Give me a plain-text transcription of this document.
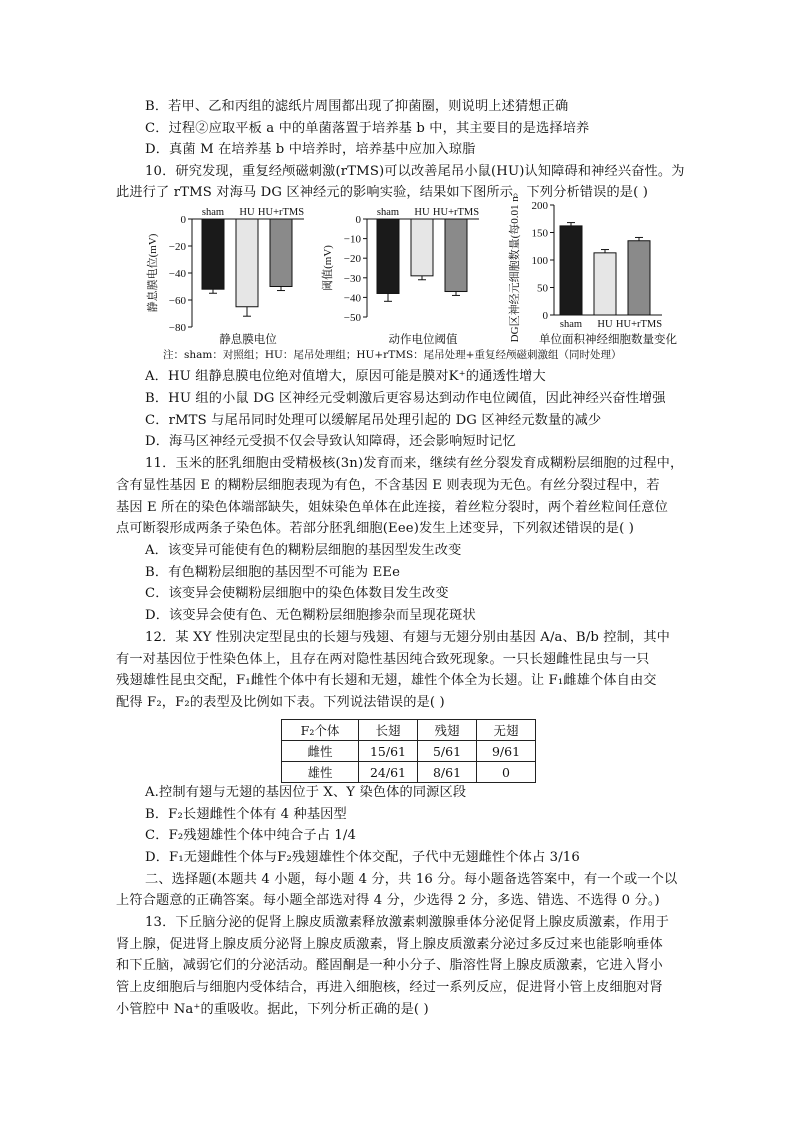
B．若甲、乙和丙组的滤纸片周围都出现了抑菌圈，则说明上述猜想正确
C．过程②应取平板 a 中的单菌落置于培养基 b 中，其主要目的是选择培养
D．真菌 M 在培养基 b 中培养时，培养基中应加入琼脂
10．研究发现，重复经颅磁刺激(rTMS)可以改善尾吊小鼠(HU)认知障碍和神经兴奋性。为
此进行了 rTMS 对海马 DG 区神经元的影响实验，结果如下图所示。下列分析错误的是( )
0
−20
−40
−60
−80
静息膜电位(mV)
sham HU HU+rTMS
静息膜电位
0
−10
−20
−30
−40
−50
阈值(mV)
sham HU HU+rTMS
动作电位阈值
0
50
100
150
200
DG区神经元细胞数量(每0.01 mm²)	sham HU HU+rTMS
单位面积神经细胞数量变化
注：sham：对照组；HU：尾吊处理组；HU+rTMS：尾吊处理+重复经颅磁刺激组（同时处理）
A．HU 组静息膜电位绝对值增大，原因可能是膜对K⁺的通透性增大
B．HU 组的小鼠 DG 区神经元受刺激后更容易达到动作电位阈值，因此神经兴奋性增强
C．rMTS 与尾吊同时处理可以缓解尾吊处理引起的 DG 区神经元数量的减少
D．海马区神经元受损不仅会导致认知障碍，还会影响短时记忆
11．玉米的胚乳细胞由受精极核(3n)发育而来，继续有丝分裂发育成糊粉层细胞的过程中，
含有显性基因 E 的糊粉层细胞表现为有色，不含基因 E 则表现为无色。有丝分裂过程中，若
基因 E 所在的染色体端部缺失，姐妹染色单体在此连接，着丝粒分裂时，两个着丝粒间任意位
点可断裂形成两条子染色体。若部分胚乳细胞(Eee)发生上述变异，下列叙述错误的是( )
A．该变异可能使有色的糊粉层细胞的基因型发生改变
B．有色糊粉层细胞的基因型不可能为 EEe
C．该变异会使糊粉层细胞中的染色体数目发生改变
D．该变异会使有色、无色糊粉层细胞掺杂而呈现花斑状
12．某 XY 性别决定型昆虫的长翅与残翅、有翅与无翅分别由基因 A/a、B/b 控制，其中
有一对基因位于性染色体上，且存在两对隐性基因纯合致死现象。一只长翅雌性昆虫与一只
残翅雄性昆虫交配，F₁雌性个体中有长翅和无翅，雄性个体全为长翅。让 F₁雌雄个体自由交
配得 F₂，F₂的表型及比例如下表。下列说法错误的是( )
F₂个体	长翅	残翅	无翅
雌性	15/61	5/61	9/61
雄性	24/61	8/61	0
A.控制有翅与无翅的基因位于 X、Y 染色体的同源区段
B．F₂长翅雌性个体有 4 种基因型
C．F₂残翅雄性个体中纯合子占 1/4
D．F₁无翅雌性个体与F₂残翅雄性个体交配，子代中无翅雌性个体占 3/16
二、选择题(本题共 4 小题，每小题 4 分，共 16 分。每小题备选答案中，有一个或一个以
上符合题意的正确答案。每小题全部选对得 4 分，少选得 2 分，多选、错选、不选得 0 分。)
13．下丘脑分泌的促肾上腺皮质激素释放激素刺激腺垂体分泌促肾上腺皮质激素，作用于
肾上腺，促进肾上腺皮质分泌肾上腺皮质激素，肾上腺皮质激素分泌过多反过来也能影响垂体
和下丘脑，减弱它们的分泌活动。醛固酮是一种小分子、脂溶性肾上腺皮质激素，它进入肾小
管上皮细胞后与细胞内受体结合，再进入细胞核，经过一系列反应，促进肾小管上皮细胞对肾
小管腔中 Na⁺的重吸收。据此，下列分析正确的是( )
